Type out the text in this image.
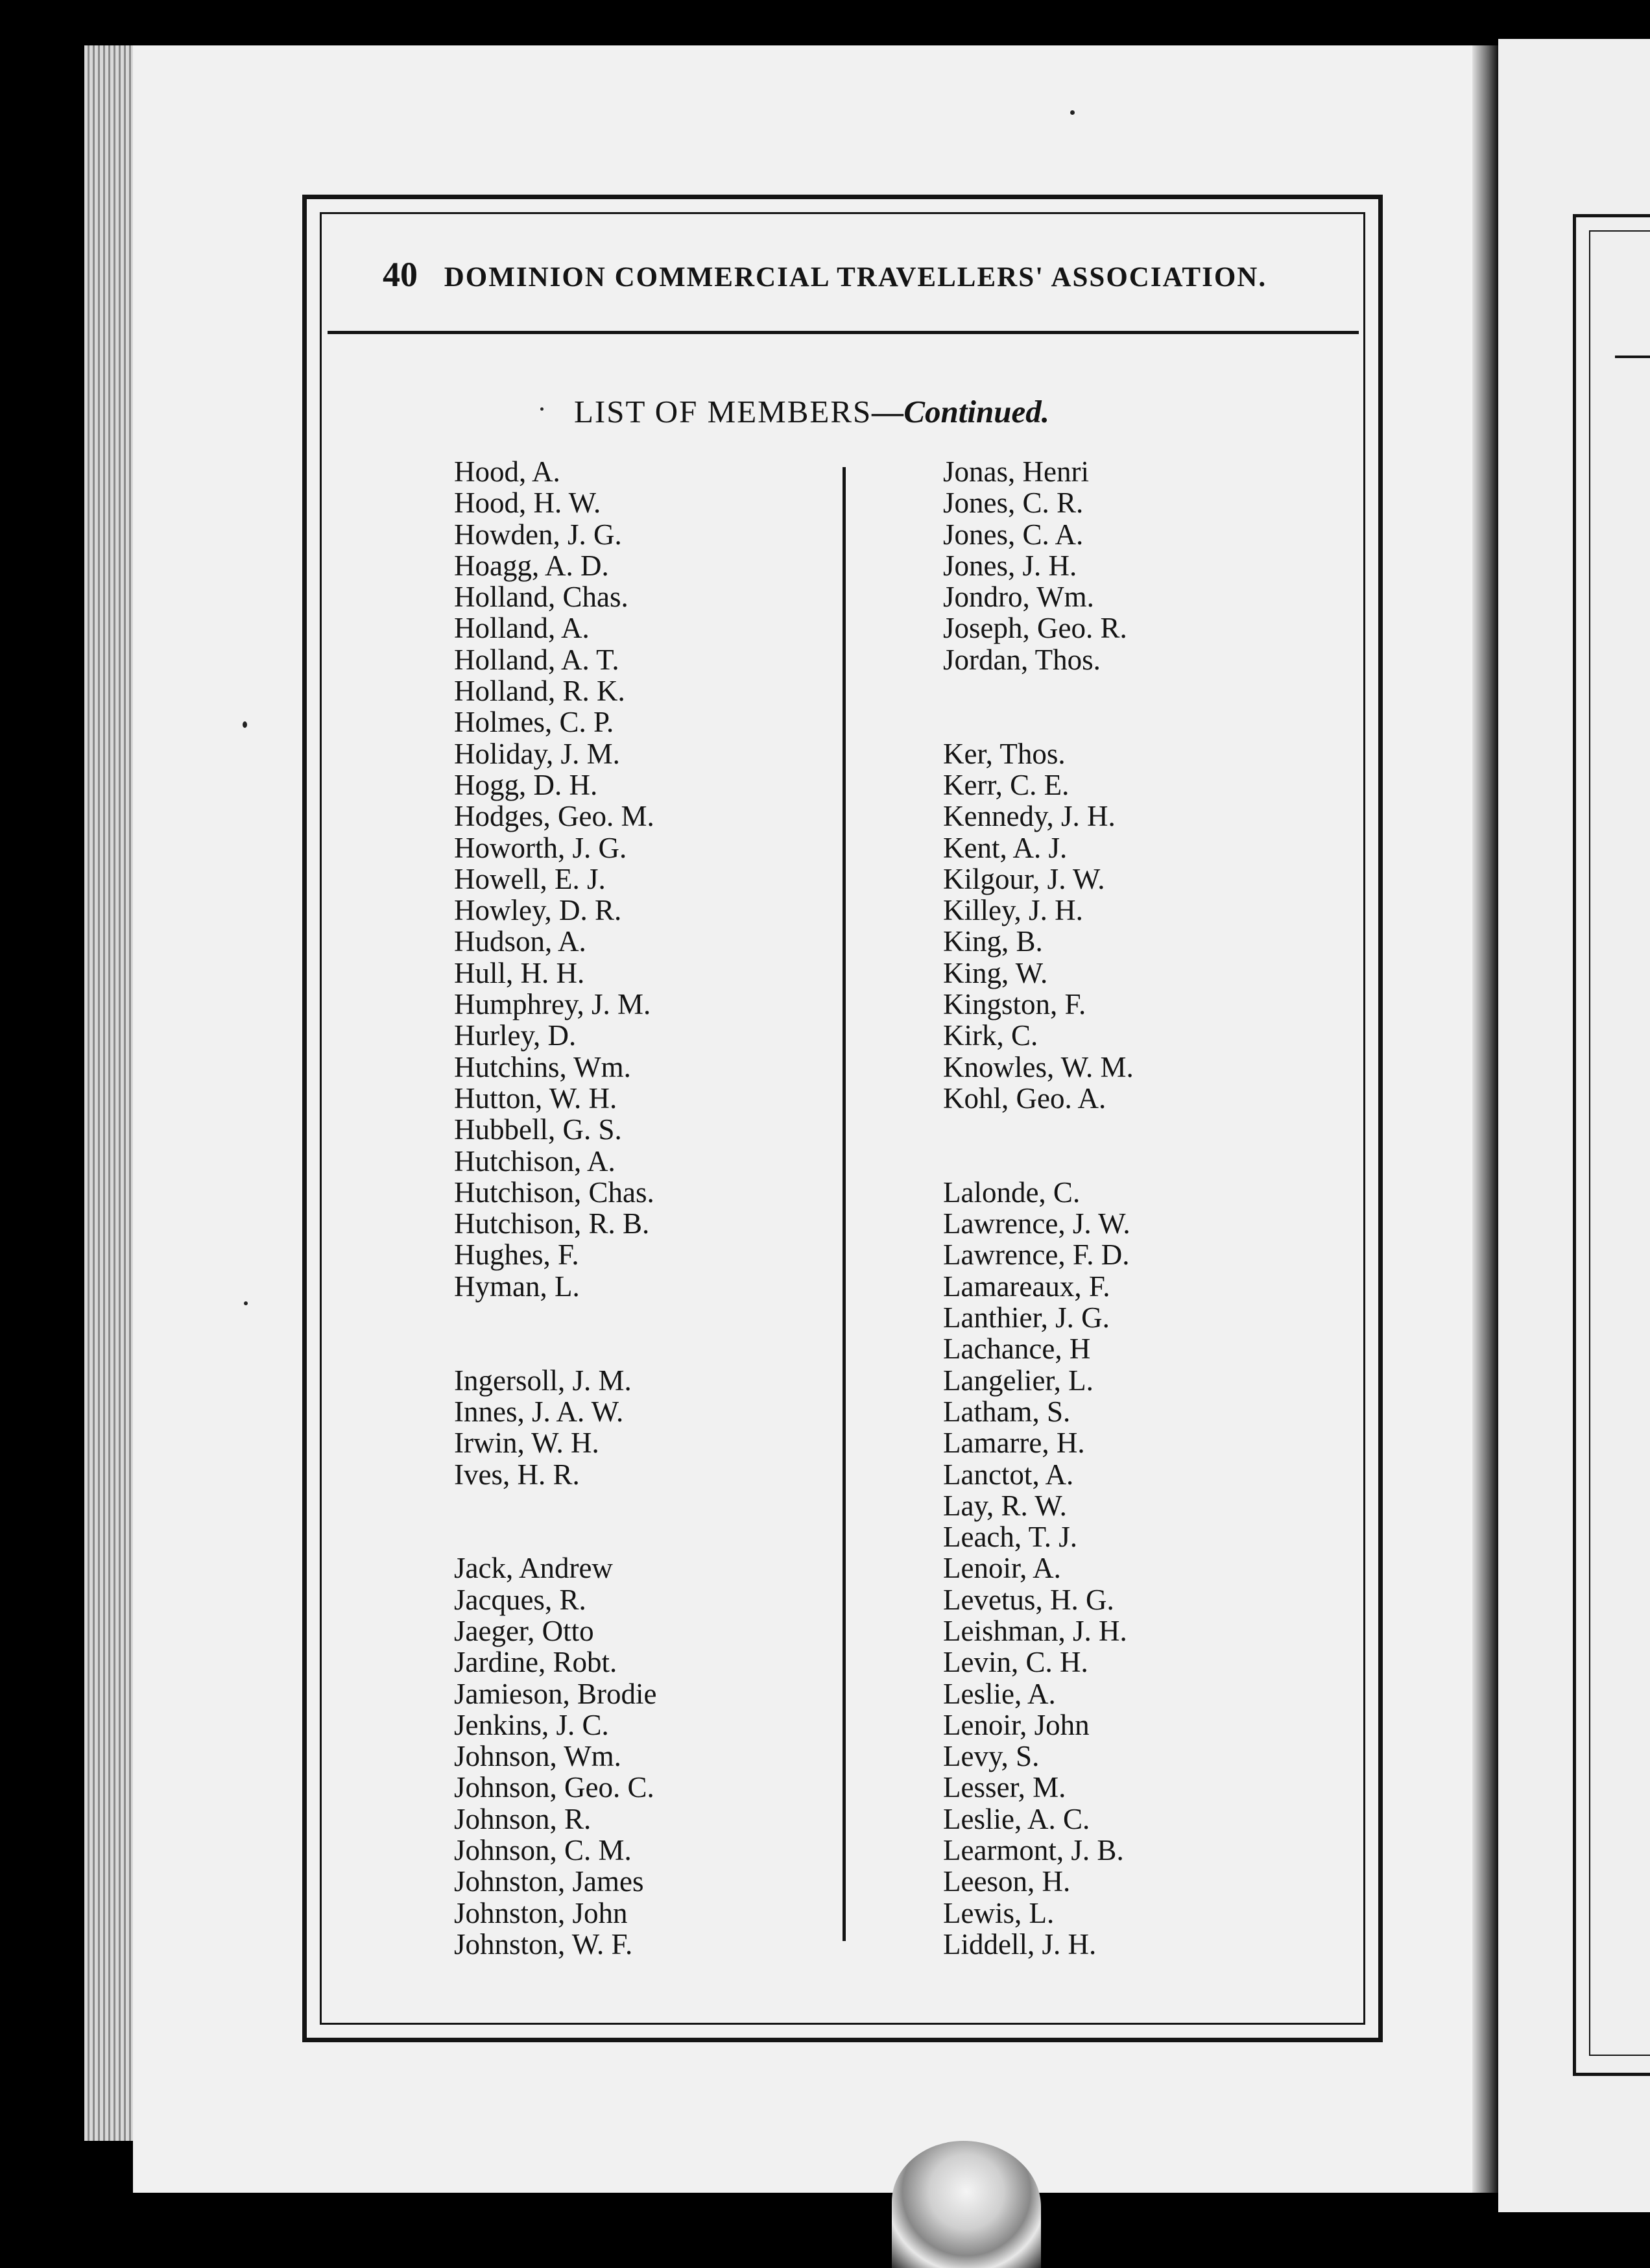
40 DOMINION COMMERCIAL TRAVELLERS' ASSOCIATION.
LIST OF MEMBERS—Continued.
Hood, A.
Hood, H. W.
Howden, J. G.
Hoagg, A. D.
Holland, Chas.
Holland, A.
Holland, A. T.
Holland, R. K.
Holmes, C. P.
Holiday, J. M.
Hogg, D. H.
Hodges, Geo. M.
Howorth, J. G.
Howell, E. J.
Howley, D. R.
Hudson, A.
Hull, H. H.
Humphrey, J. M.
Hurley, D.
Hutchins, Wm.
Hutton, W. H.
Hubbell, G. S.
Hutchison, A.
Hutchison, Chas.
Hutchison, R. B.
Hughes, F.
Hyman, L.
Ingersoll, J. M.
Innes, J. A. W.
Irwin, W. H.
Ives, H. R.
Jack, Andrew
Jacques, R.
Jaeger, Otto
Jardine, Robt.
Jamieson, Brodie
Jenkins, J. C.
Johnson, Wm.
Johnson, Geo. C.
Johnson, R.
Johnson, C. M.
Johnston, James
Johnston, John
Johnston, W. F.
Jonas, Henri
Jones, C. R.
Jones, C. A.
Jones, J. H.
Jondro, Wm.
Joseph, Geo. R.
Jordan, Thos.
Ker, Thos.
Kerr, C. E.
Kennedy, J. H.
Kent, A. J.
Kilgour, J. W.
Killey, J. H.
King, B.
King, W.
Kingston, F.
Kirk, C.
Knowles, W. M.
Kohl, Geo. A.
Lalonde, C.
Lawrence, J. W.
Lawrence, F. D.
Lamareaux, F.
Lanthier, J. G.
Lachance, H
Langelier, L.
Latham, S.
Lamarre, H.
Lanctot, A.
Lay, R. W.
Leach, T. J.
Lenoir, A.
Levetus, H. G.
Leishman, J. H.
Levin, C. H.
Leslie, A.
Lenoir, John
Levy, S.
Lesser, M.
Leslie, A. C.
Learmont, J. B.
Leeson, H.
Lewis, L.
Liddell, J. H.
